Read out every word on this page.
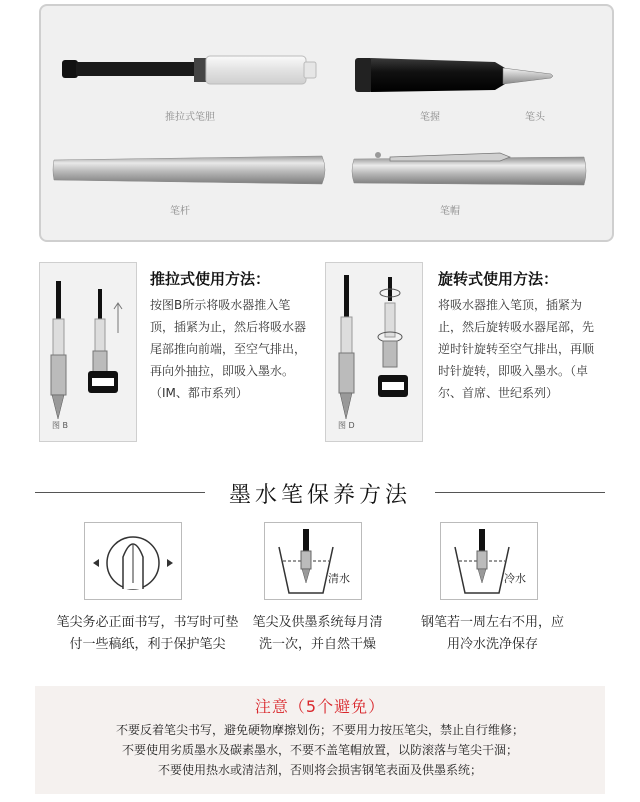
推拉式笔胆	笔握	笔头
笔杆	笔帽
图 B
推拉式使用方法：
按图B所示将吸水器推入笔顶，插紧为止，然后将吸水器尾部推向前端，至空气排出，再向外抽拉，即吸入墨水。（IM、都市系列）
图 D
旋转式使用方法：
将吸水器推入笔顶，插紧为止，然后旋转吸水器尾部，先逆时针旋转至空气排出，再顺时针旋转，即吸入墨水。（卓尔、首席、世纪系列）
墨水笔保养方法
笔尖务必正面书写，书写时可垫付一些稿纸，利于保护笔尖
清水
笔尖及供墨系统每月清洗一次，并自然干燥
冷水
钢笔若一周左右不用，应用冷水洗净保存
注意（5个避免）
不要反着笔尖书写，避免硬物摩擦划伤；不要用力按压笔尖，禁止自行维修；
不要使用劣质墨水及碳素墨水，不要不盖笔帽放置，以防滚落与笔尖干涸；
不要使用热水或清洁剂，否则将会损害钢笔表面及供墨系统；
